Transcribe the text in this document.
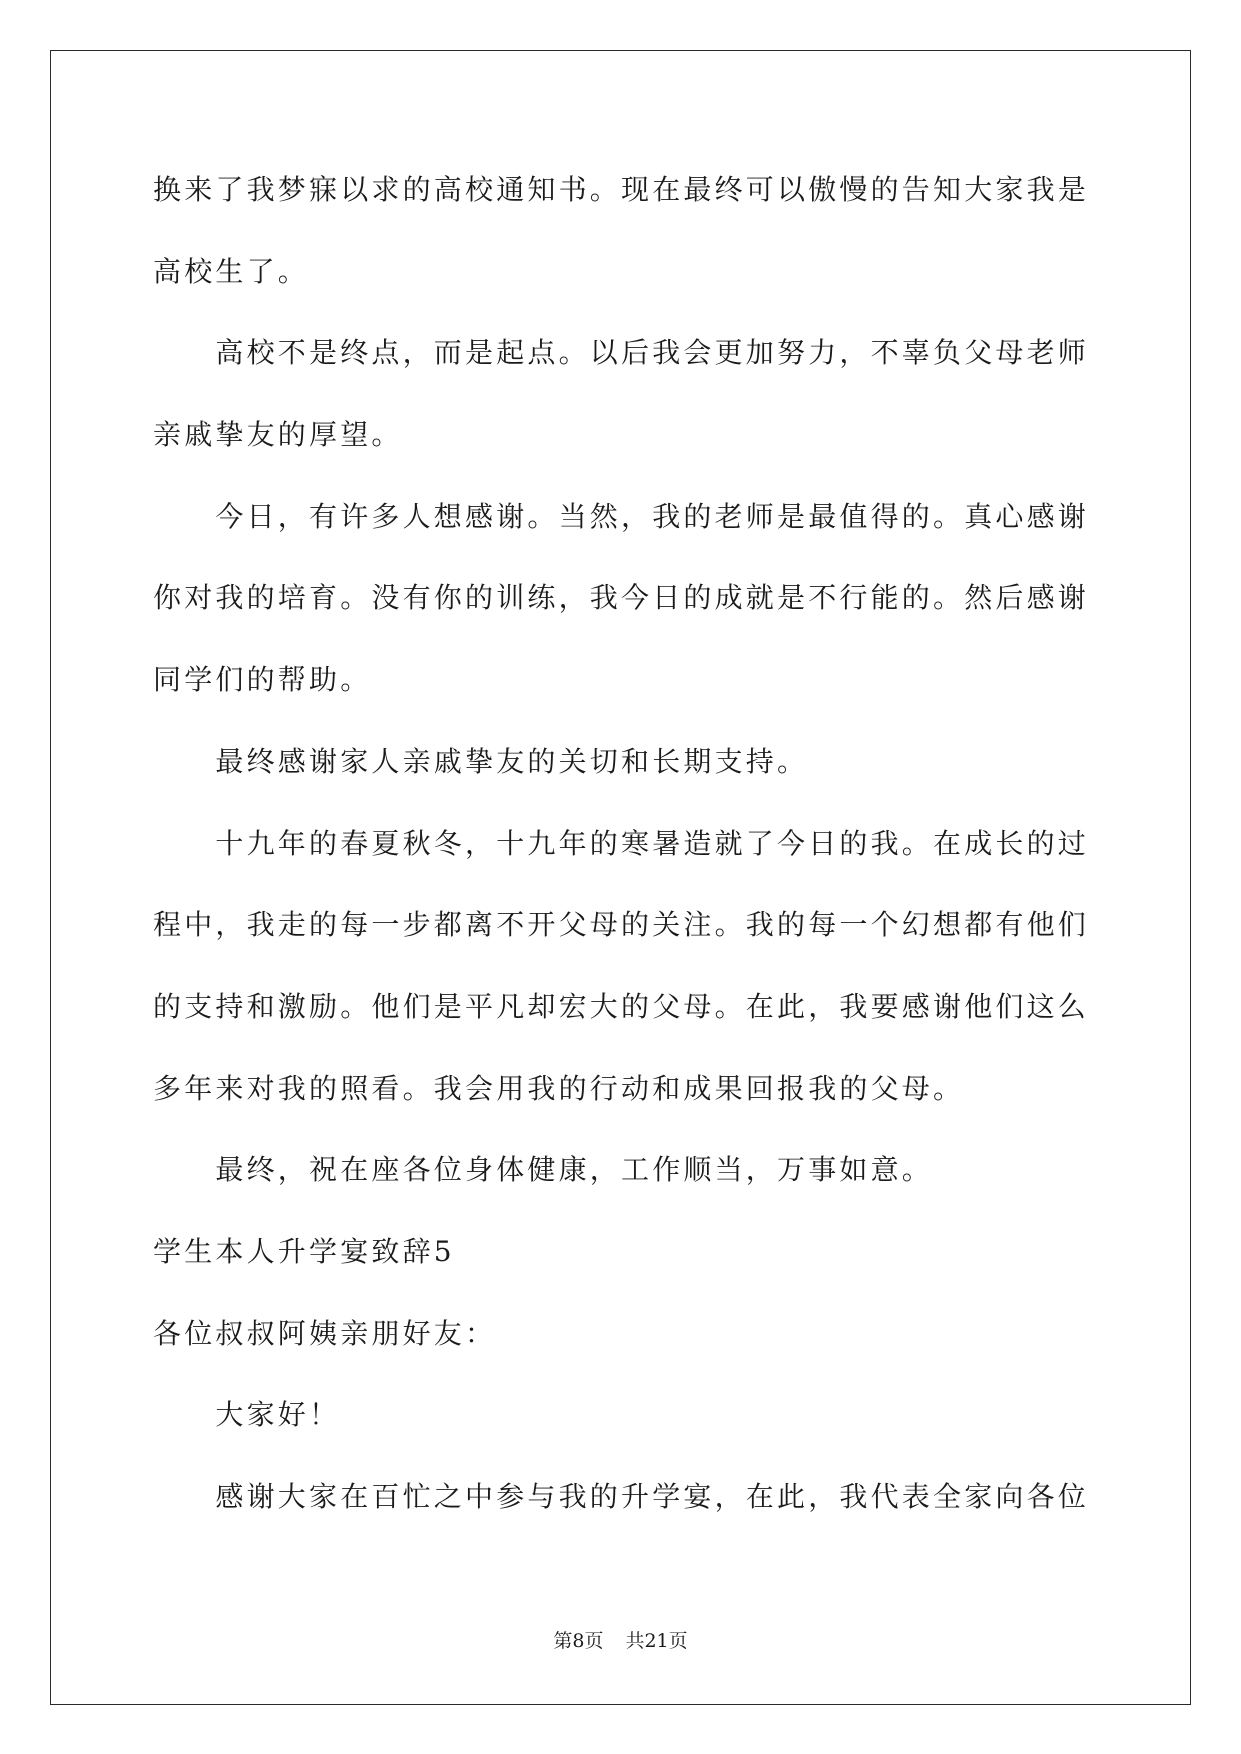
换来了我梦寐以求的高校通知书。现在最终可以傲慢的告知大家我是
高校生了。
高校不是终点，而是起点。以后我会更加努力，不辜负父母老师
亲戚挚友的厚望。
今日，有许多人想感谢。当然，我的老师是最值得的。真心感谢
你对我的培育。没有你的训练，我今日的成就是不行能的。然后感谢
同学们的帮助。
最终感谢家人亲戚挚友的关切和长期支持。
十九年的春夏秋冬，十九年的寒暑造就了今日的我。在成长的过
程中，我走的每一步都离不开父母的关注。我的每一个幻想都有他们
的支持和激励。他们是平凡却宏大的父母。在此，我要感谢他们这么
多年来对我的照看。我会用我的行动和成果回报我的父母。
最终，祝在座各位身体健康，工作顺当，万事如意。
学生本人升学宴致辞5
各位叔叔阿姨亲朋好友：
大家好！
感谢大家在百忙之中参与我的升学宴，在此，我代表全家向各位
第8页 共21页
